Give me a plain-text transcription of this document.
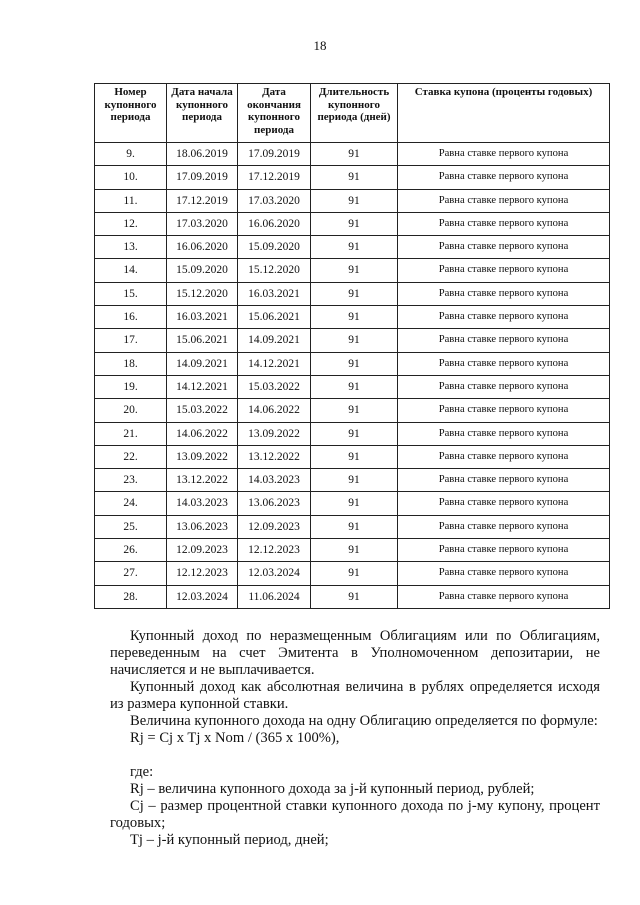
18
Номер купонного периода	Дата начала купонного периода	Дата окончания купонного периода	Длительность купонного периода (дней)	Ставка купона (проценты годовых)
9.	18.06.2019	17.09.2019	91	Равна ставке первого купона
10.	17.09.2019	17.12.2019	91	Равна ставке первого купона
11.	17.12.2019	17.03.2020	91	Равна ставке первого купона
12.	17.03.2020	16.06.2020	91	Равна ставке первого купона
13.	16.06.2020	15.09.2020	91	Равна ставке первого купона
14.	15.09.2020	15.12.2020	91	Равна ставке первого купона
15.	15.12.2020	16.03.2021	91	Равна ставке первого купона
16.	16.03.2021	15.06.2021	91	Равна ставке первого купона
17.	15.06.2021	14.09.2021	91	Равна ставке первого купона
18.	14.09.2021	14.12.2021	91	Равна ставке первого купона
19.	14.12.2021	15.03.2022	91	Равна ставке первого купона
20.	15.03.2022	14.06.2022	91	Равна ставке первого купона
21.	14.06.2022	13.09.2022	91	Равна ставке первого купона
22.	13.09.2022	13.12.2022	91	Равна ставке первого купона
23.	13.12.2022	14.03.2023	91	Равна ставке первого купона
24.	14.03.2023	13.06.2023	91	Равна ставке первого купона
25.	13.06.2023	12.09.2023	91	Равна ставке первого купона
26.	12.09.2023	12.12.2023	91	Равна ставке первого купона
27.	12.12.2023	12.03.2024	91	Равна ставке первого купона
28.	12.03.2024	11.06.2024	91	Равна ставке первого купона

Купонный доход по неразмещенным Облигациям или по Облигациям, переведенным на счет Эмитента в Уполномоченном депозитарии, не начисляется и не выплачивается.

Купонный доход как абсолютная величина в рублях определяется исходя из размера купонной ставки.

Величина купонного дохода на одну Облигацию определяется по формуле:

Rj = Cj x Tj x Nom / (365 x 100%),

где:

Rj – величина купонного дохода за j-й купонный период, рублей;

Cj – размер процентной ставки купонного дохода по j-му купону, процент годовых;

Tj – j-й купонный период, дней;
